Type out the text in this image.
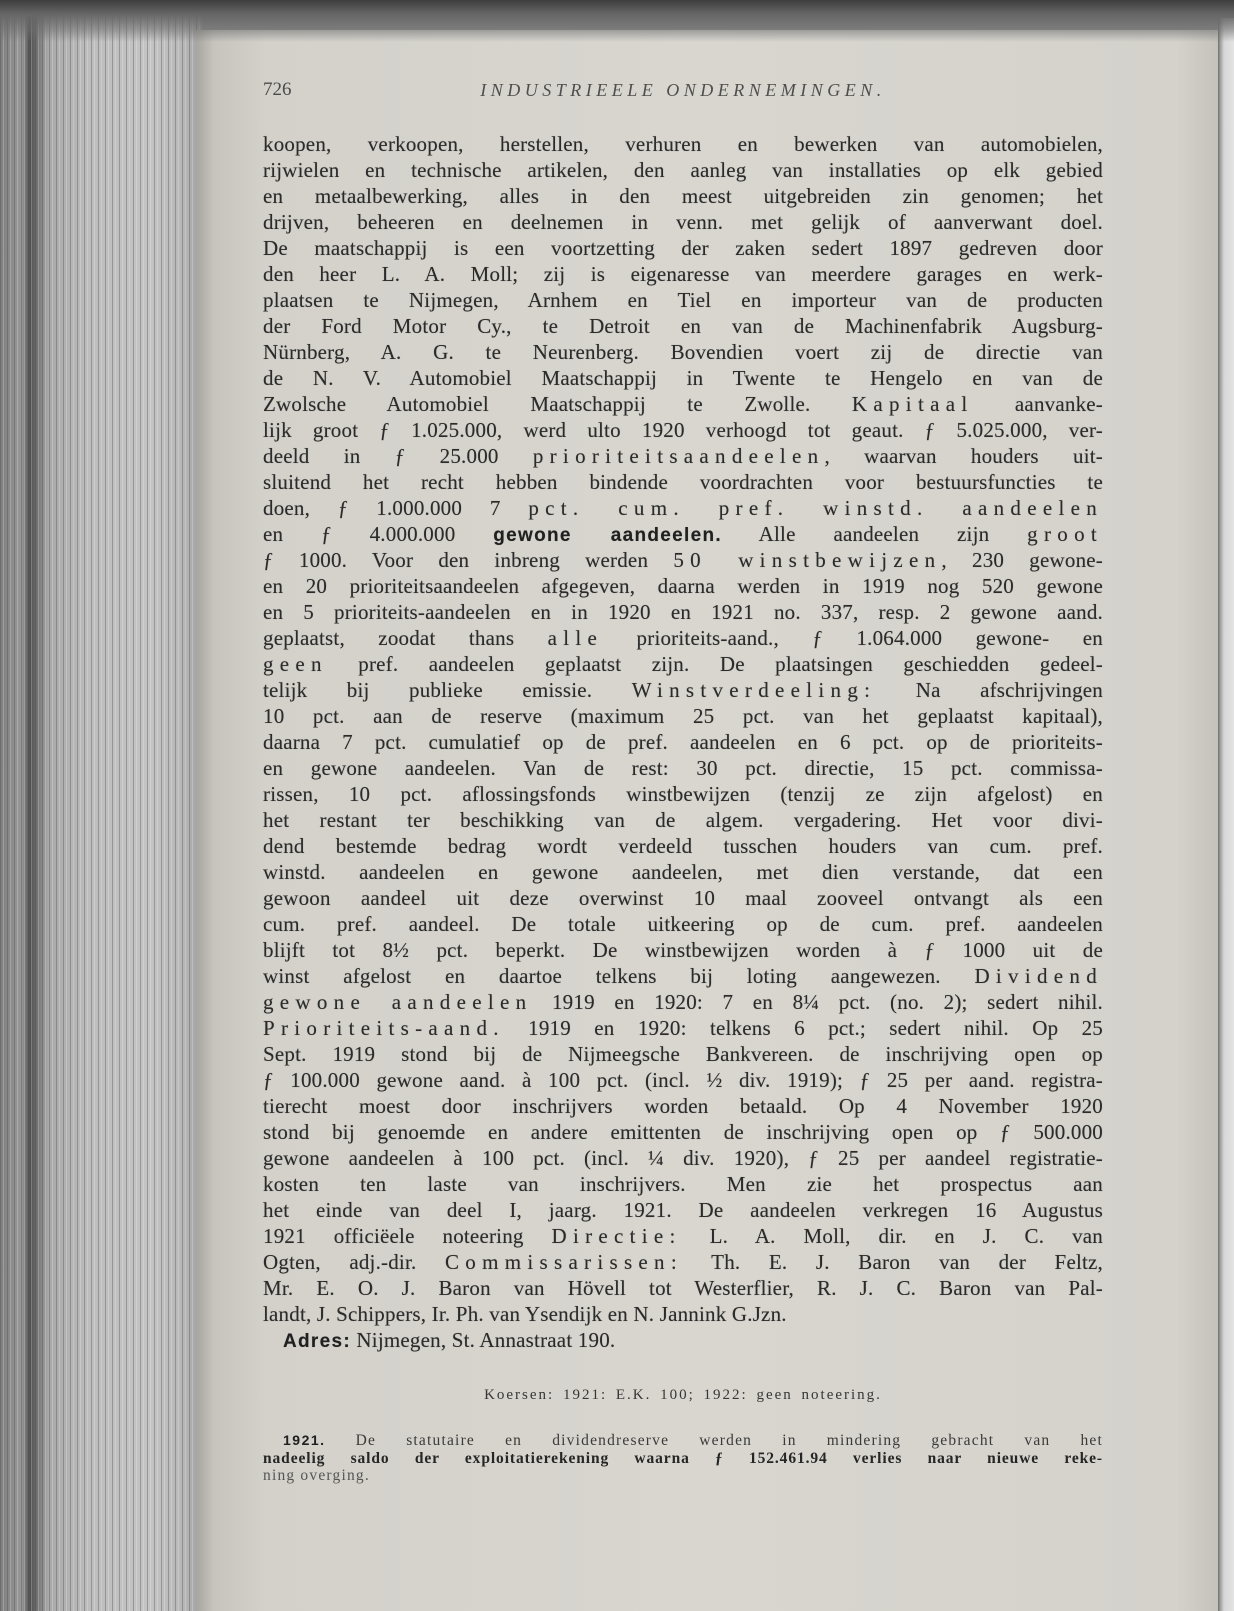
726	INDUSTRIEELE ONDERNEMINGEN.
koopen, verkoopen, herstellen, verhuren en bewerken van automobielen,
rijwielen en technische artikelen, den aanleg van installaties op elk gebied
en metaalbewerking, alles in den meest uitgebreiden zin genomen; het
drijven, beheeren en deelnemen in venn. met gelijk of aanverwant doel.
De maatschappij is een voortzetting der zaken sedert 1897 gedreven door
den heer L. A. Moll; zij is eigenaresse van meerdere garages en werk-
plaatsen te Nijmegen, Arnhem en Tiel en importeur van de producten
der Ford Motor Cy., te Detroit en van de Machinenfabrik Augsburg-
Nürnberg, A. G. te Neurenberg. Bovendien voert zij de directie van
de N. V. Automobiel Maatschappij in Twente te Hengelo en van de
Zwolsche Automobiel Maatschappij te Zwolle. Kapitaal aanvanke-
lijk groot ƒ 1.025.000, werd ulto 1920 verhoogd tot geaut. ƒ 5.025.000, ver-
deeld in ƒ 25.000 prioriteitsaandeelen, waarvan houders uit-
sluitend het recht hebben bindende voordrachten voor bestuursfuncties te
doen, ƒ 1.000.000 7 pct. cum. pref. winstd. aandeelen
en ƒ 4.000.000 gewone aandeelen. Alle aandeelen zijn groot
ƒ 1000. Voor den inbreng werden 50 winstbewijzen, 230 gewone-
en 20 prioriteitsaandeelen afgegeven, daarna werden in 1919 nog 520 gewone
en 5 prioriteits-aandeelen en in 1920 en 1921 no. 337, resp. 2 gewone aand.
geplaatst, zoodat thans alle prioriteits-aand., ƒ 1.064.000 gewone- en
geen pref. aandeelen geplaatst zijn. De plaatsingen geschiedden gedeel-
telijk bij publieke emissie. Winstverdeeling: Na afschrijvingen
10 pct. aan de reserve (maximum 25 pct. van het geplaatst kapitaal),
daarna 7 pct. cumulatief op de pref. aandeelen en 6 pct. op de prioriteits-
en gewone aandeelen. Van de rest: 30 pct. directie, 15 pct. commissa-
rissen, 10 pct. aflossingsfonds winstbewijzen (tenzij ze zijn afgelost) en
het restant ter beschikking van de algem. vergadering. Het voor divi-
dend bestemde bedrag wordt verdeeld tusschen houders van cum. pref.
winstd. aandeelen en gewone aandeelen, met dien verstande, dat een
gewoon aandeel uit deze overwinst 10 maal zooveel ontvangt als een
cum. pref. aandeel. De totale uitkeering op de cum. pref. aandeelen
blijft tot 8½ pct. beperkt. De winstbewijzen worden à ƒ 1000 uit de
winst afgelost en daartoe telkens bij loting aangewezen. Dividend
gewone aandeelen 1919 en 1920: 7 en 8¼ pct. (no. 2); sedert nihil.
Prioriteits-aand. 1919 en 1920: telkens 6 pct.; sedert nihil. Op 25
Sept. 1919 stond bij de Nijmeegsche Bankvereen. de inschrijving open op
ƒ 100.000 gewone aand. à 100 pct. (incl. ½ div. 1919); ƒ 25 per aand. registra-
tierecht moest door inschrijvers worden betaald. Op 4 November 1920
stond bij genoemde en andere emittenten de inschrijving open op ƒ 500.000
gewone aandeelen à 100 pct. (incl. ¼ div. 1920), ƒ 25 per aandeel registratie-
kosten ten laste van inschrijvers. Men zie het prospectus aan
het einde van deel I, jaarg. 1921. De aandeelen verkregen 16 Augustus
1921 officiëele noteering Directie: L. A. Moll, dir. en J. C. van
Ogten, adj.-dir. Commissarissen: Th. E. J. Baron van der Feltz,
Mr. E. O. J. Baron van Hövell tot Westerflier, R. J. C. Baron van Pal-
landt, J. Schippers, Ir. Ph. van Ysendijk en N. Jannink G.Jzn.
Adres: Nijmegen, St. Annastraat 190.
Koersen: 1921: E.K. 100; 1922: geen noteering.
1921. De statutaire en dividendreserve werden in mindering gebracht van het
nadeelig saldo der exploitatierekening waarna ƒ 152.461.94 verlies naar nieuwe reke-
ning overging.
